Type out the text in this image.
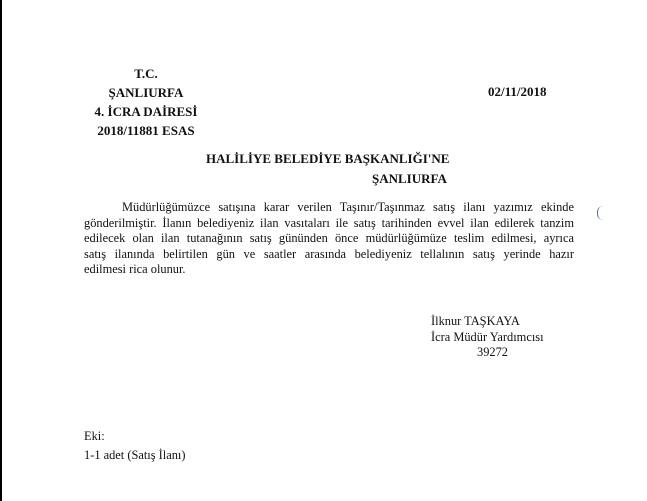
T.C.
ŞANLIURFA
4. İCRA DAİRESİ
2018/11881 ESAS
02/11/2018
HALİLİYE BELEDİYE BAŞKANLIĞI'NE
ŞANLIURFA
Müdürlüğümüzce satışına karar verilen Taşınır/Taşınmaz satış ilanı yazımız ekinde
gönderilmiştir. İlanın belediyeniz ilan vasıtaları ile satış tarihinden evvel ilan edilerek tanzim
edilecek olan ilan tutanağının satış gününden önce müdürlüğümüze teslim edilmesi, ayrıca
satış ilanında belirtilen gün ve saatler arasında belediyeniz tellalının satış yerinde hazır
edilmesi rica olunur.
İlknur TAŞKAYA
İcra Müdür Yardımcısı
39272
Eki:
1-1 adet (Satış İlanı)
